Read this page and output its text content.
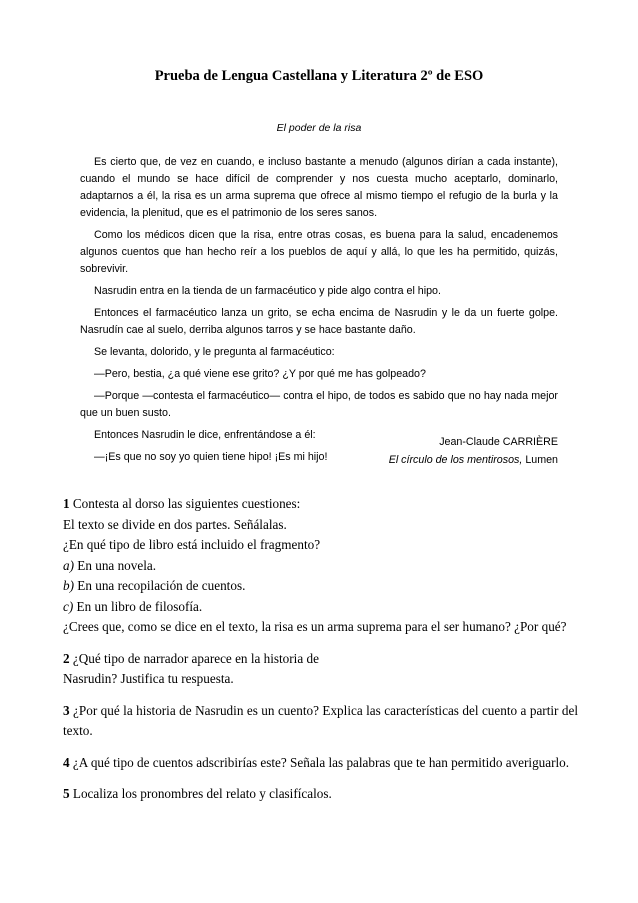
Prueba de Lengua Castellana y Literatura 2º de ESO
El poder de la risa

Es cierto que, de vez en cuando, e incluso bastante a menudo (algunos dirían a cada instante), cuando el mundo se hace difícil de comprender y nos cuesta mucho aceptarlo, dominarlo, adaptarnos a él, la risa es un arma suprema que ofrece al mismo tiempo el refugio de la burla y la evidencia, la plenitud, que es el patrimonio de los seres sanos.

Como los médicos dicen que la risa, entre otras cosas, es buena para la salud, encadenemos algunos cuentos que han hecho reír a los pueblos de aquí y allá, lo que les ha permitido, quizás, sobrevivir.

Nasrudin entra en la tienda de un farmacéutico y pide algo contra el hipo.

Entonces el farmacéutico lanza un grito, se echa encima de Nasrudin y le da un fuerte golpe. Nasrudín cae al suelo, derriba algunos tarros y se hace bastante daño.

Se levanta, dolorido, y le pregunta al farmacéutico:

—Pero, bestia, ¿a qué viene ese grito? ¿Y por qué me has golpeado?

—Porque —contesta el farmacéutico— contra el hipo, de todos es sabido que no hay nada mejor que un buen susto.

Entonces Nasrudin le dice, enfrentándose a él:

—¡Es que no soy yo quien tiene hipo! ¡Es mi hijo!

Jean-Claude CARRIÈRE
El círculo de los mentirosos, Lumen
1 Contesta al dorso las siguientes cuestiones:
El texto se divide en dos partes. Señálalas.
¿En qué tipo de libro está incluido el fragmento?
a) En una novela.
b) En una recopilación de cuentos.
c) En un libro de filosofía.
¿Crees que, como se dice en el texto, la risa es un arma suprema para el ser humano? ¿Por qué?
2 ¿Qué tipo de narrador aparece en la historia de
Nasrudin? Justifica tu respuesta.
3 ¿Por qué la historia de Nasrudin es un cuento? Explica las características del cuento a partir del texto.
4 ¿A qué tipo de cuentos adscribirías este? Señala las palabras que te han permitido averiguarlo.
5 Localiza los pronombres del relato y clasifícalos.
